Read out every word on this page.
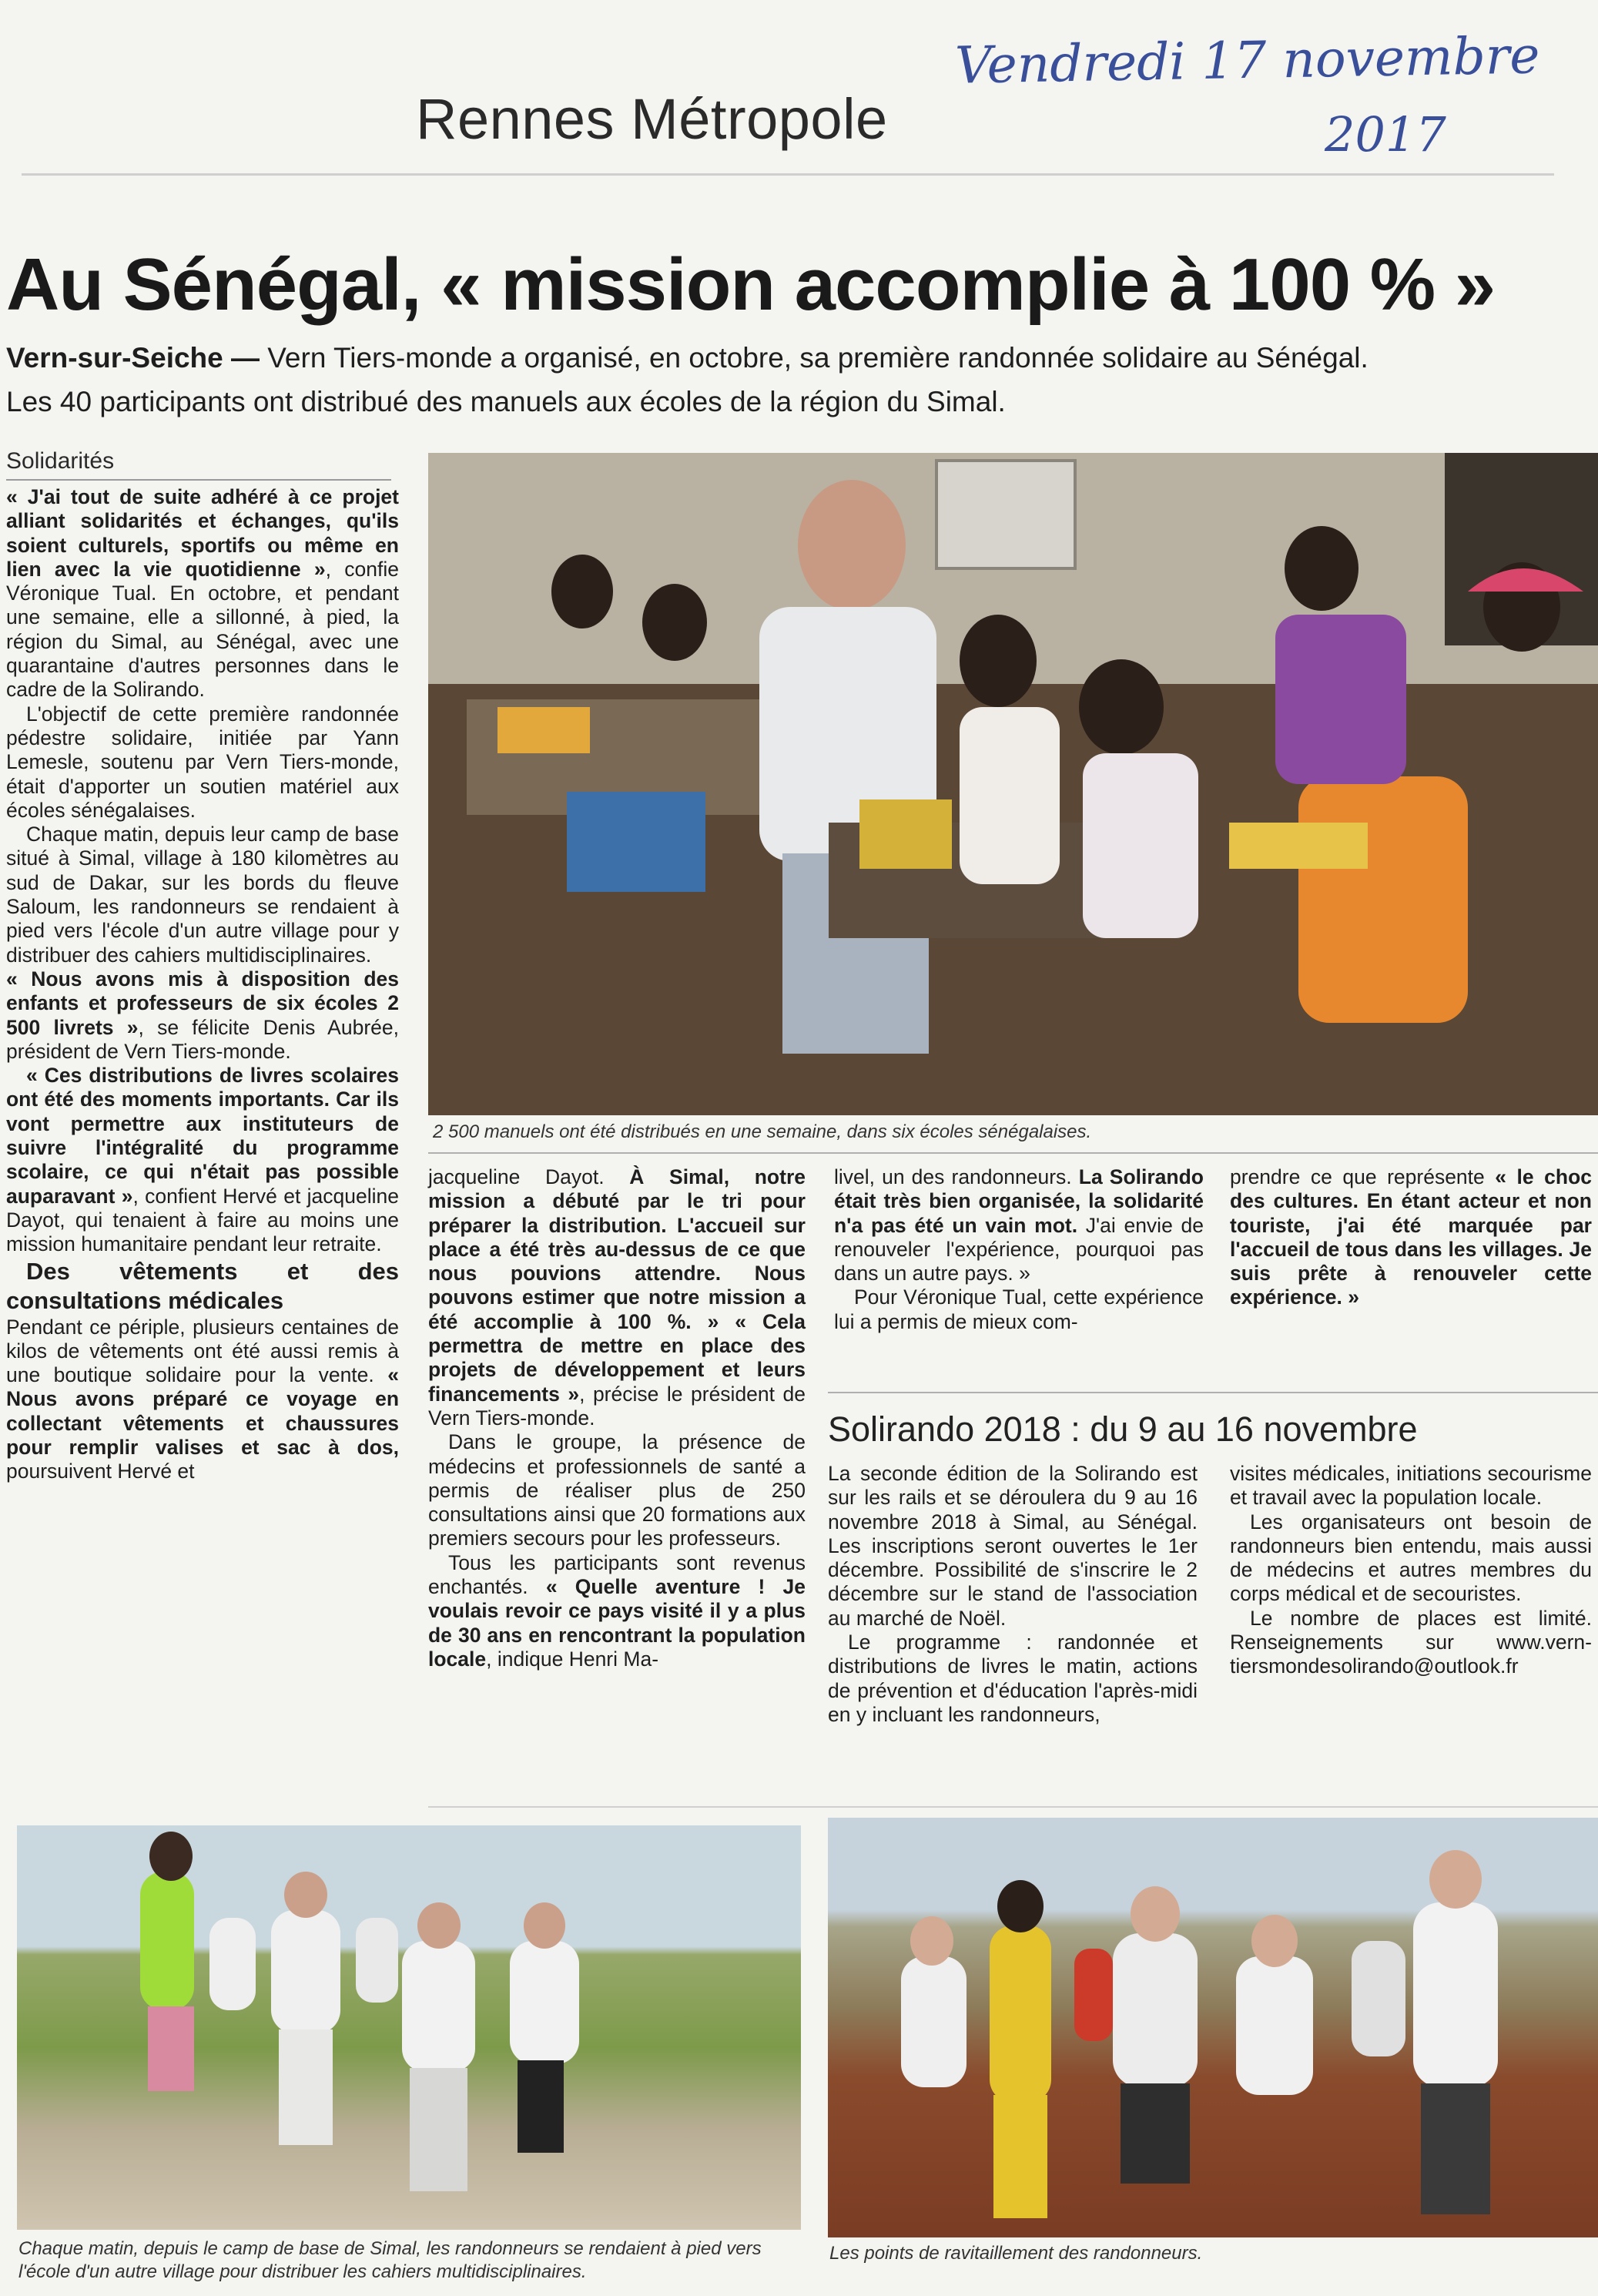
Rennes Métropole
Vendredi 17 novembre
2017
Au Sénégal, « mission accomplie à 100 % »
Vern-sur-Seiche — Vern Tiers-monde a organisé, en octobre, sa première randonnée solidaire au Sénégal. Les 40 participants ont distribué des manuels aux écoles de la région du Simal.
Solidarités

« J'ai tout de suite adhéré à ce projet alliant solidarités et échanges, qu'ils soient culturels, sportifs ou même en lien avec la vie quotidienne », confie Véronique Tual. En octobre, et pendant une semaine, elle a sillonné, à pied, la région du Simal, au Sénégal, avec une quarantaine d'autres personnes dans le cadre de la Solirando.

L'objectif de cette première randonnée pédestre solidaire, initiée par Yann Lemesle, soutenu par Vern Tiers-monde, était d'apporter un soutien matériel aux écoles sénégalaises.

Chaque matin, depuis leur camp de base situé à Simal, village à 180 kilomètres au sud de Dakar, sur les bords du fleuve Saloum, les randonneurs se rendaient à pied vers l'école d'un autre village pour y distribuer des cahiers multidisciplinaires.

« Nous avons mis à disposition des enfants et professeurs de six écoles 2 500 livrets », se félicite Denis Aubrée, président de Vern Tiers-monde.

« Ces distributions de livres scolaires ont été des moments importants. Car ils vont permettre aux instituteurs de suivre l'intégralité du programme scolaire, ce qui n'était pas possible auparavant », confient Hervé et jacqueline Dayot, qui tenaient à faire au moins une mission humanitaire pendant leur retraite.

Des vêtements et des consultations médicales

Pendant ce périple, plusieurs centaines de kilos de vêtements ont été aussi remis à une boutique solidaire pour la vente. « Nous avons préparé ce voyage en collectant vêtements et chaussures pour remplir valises et sac à dos, poursuivent Hervé et

2 500 manuels ont été distribués en une semaine, dans six écoles sénégalaises.

jacqueline Dayot. À Simal, notre mission a débuté par le tri pour préparer la distribution. L'accueil sur place a été très au-dessus de ce que nous pouvions attendre. Nous pouvons estimer que notre mission a été accomplie à 100 %. » « Cela permettra de mettre en place des projets de développement et leurs financements », précise le président de Vern Tiers-monde.

Dans le groupe, la présence de médecins et professionnels de santé a permis de réaliser plus de 250 consultations ainsi que 20 formations aux premiers secours pour les professeurs.

Tous les participants sont revenus enchantés. « Quelle aventure ! Je voulais revoir ce pays visité il y a plus de 30 ans en rencontrant la population locale, indique Henri Ma-

livel, un des randonneurs. La Solirando était très bien organisée, la solidarité n'a pas été un vain mot. J'ai envie de renouveler l'expérience, pourquoi pas dans un autre pays. »

Pour Véronique Tual, cette expérience lui a permis de mieux com-

prendre ce que représente « le choc des cultures. En étant acteur et non touriste, j'ai été marquée par l'accueil de tous dans les villages. Je suis prête à renouveler cette expérience. »

Solirando 2018 : du 9 au 16 novembre

La seconde édition de la Solirando est sur les rails et se déroulera du 9 au 16 novembre 2018 à Simal, au Sénégal. Les inscriptions seront ouvertes le 1er décembre. Possibilité de s'inscrire le 2 décembre sur le stand de l'association au marché de Noël.

Le programme : randonnée et distributions de livres le matin, actions de prévention et d'éducation l'après-midi en y incluant les randonneurs,

visites médicales, initiations secourisme et travail avec la population locale.

Les organisateurs ont besoin de randonneurs bien entendu, mais aussi de médecins et autres membres du corps médical et de secouristes.

Le nombre de places est limité. Renseignements sur www.vern-tiersmondesolirando@outlook.fr

Chaque matin, depuis le camp de base de Simal, les randonneurs se rendaient à pied vers l'école d'un autre village pour distribuer les cahiers multidisciplinaires.
Les points de ravitaillement des randonneurs.
